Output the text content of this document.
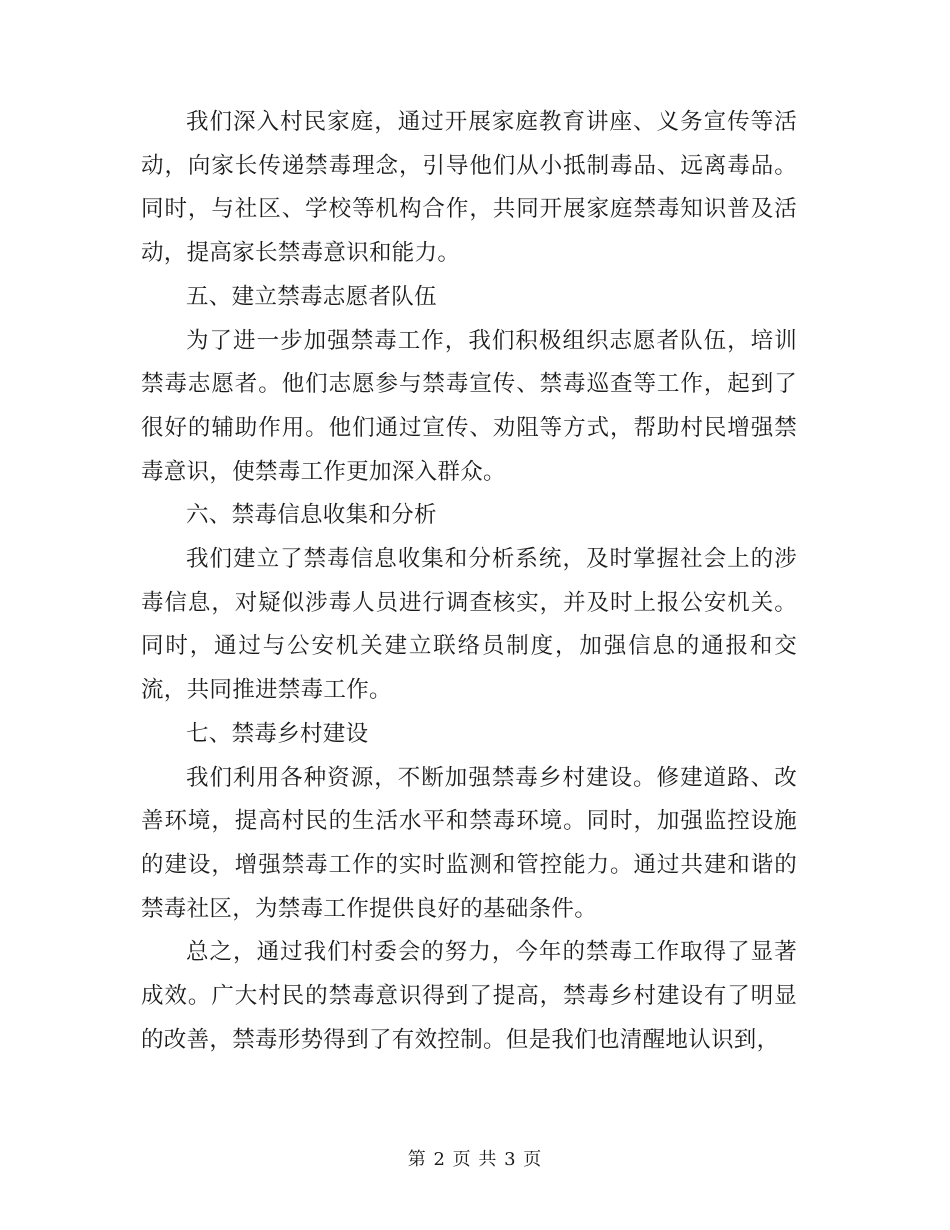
我们深入村民家庭，通过开展家庭教育讲座、义务宣传等活动，向家长传递禁毒理念，引导他们从小抵制毒品、远离毒品。同时，与社区、学校等机构合作，共同开展家庭禁毒知识普及活动，提高家长禁毒意识和能力。

五、建立禁毒志愿者队伍

为了进一步加强禁毒工作，我们积极组织志愿者队伍，培训禁毒志愿者。他们志愿参与禁毒宣传、禁毒巡查等工作，起到了很好的辅助作用。他们通过宣传、劝阻等方式，帮助村民增强禁毒意识，使禁毒工作更加深入群众。

六、禁毒信息收集和分析

我们建立了禁毒信息收集和分析系统，及时掌握社会上的涉毒信息，对疑似涉毒人员进行调查核实，并及时上报公安机关。同时，通过与公安机关建立联络员制度，加强信息的通报和交流，共同推进禁毒工作。

七、禁毒乡村建设

我们利用各种资源，不断加强禁毒乡村建设。修建道路、改善环境，提高村民的生活水平和禁毒环境。同时，加强监控设施的建设，增强禁毒工作的实时监测和管控能力。通过共建和谐的禁毒社区，为禁毒工作提供良好的基础条件。

总之，通过我们村委会的努力，今年的禁毒工作取得了显著成效。广大村民的禁毒意识得到了提高，禁毒乡村建设有了明显的改善，禁毒形势得到了有效控制。但是我们也清醒地认识到，

第 2 页 共 3 页
